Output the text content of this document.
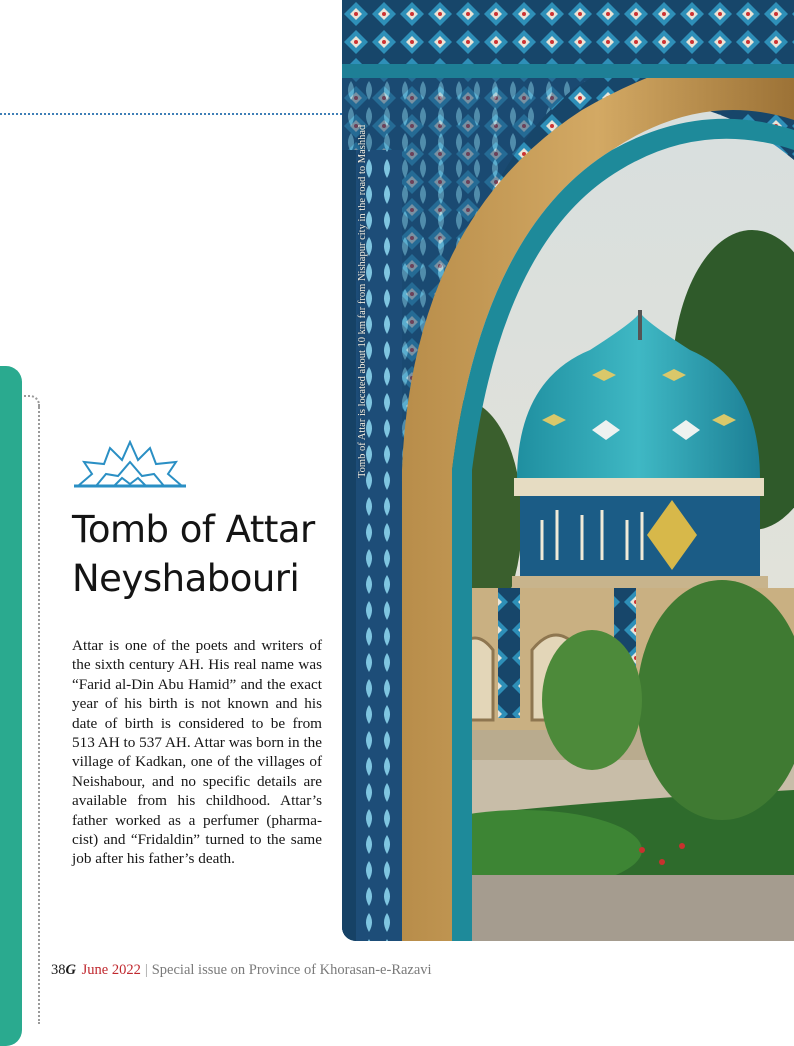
Tomb of Attar
Neyshabouri

Attar is one of the poets and writers of the sixth century AH. His real name was “Farid al-Din Abu Hamid” and the exact year of his birth is not known and his date of birth is considered to be from 513 AH to 537 AH. Attar was born in the village of Kadkan, one of the villages of Neishabour, and no specific details are available from his childhood. Attar’s father worked as a perfumer (pharmacist) and “Fridaldin” turned to the same job after his father’s death.

Tomb of Attar is located about 10 km far from Nishapur city in the road to Mashhad
38G June 2022 | Special issue on Province of Khorasan-e-Razavi
